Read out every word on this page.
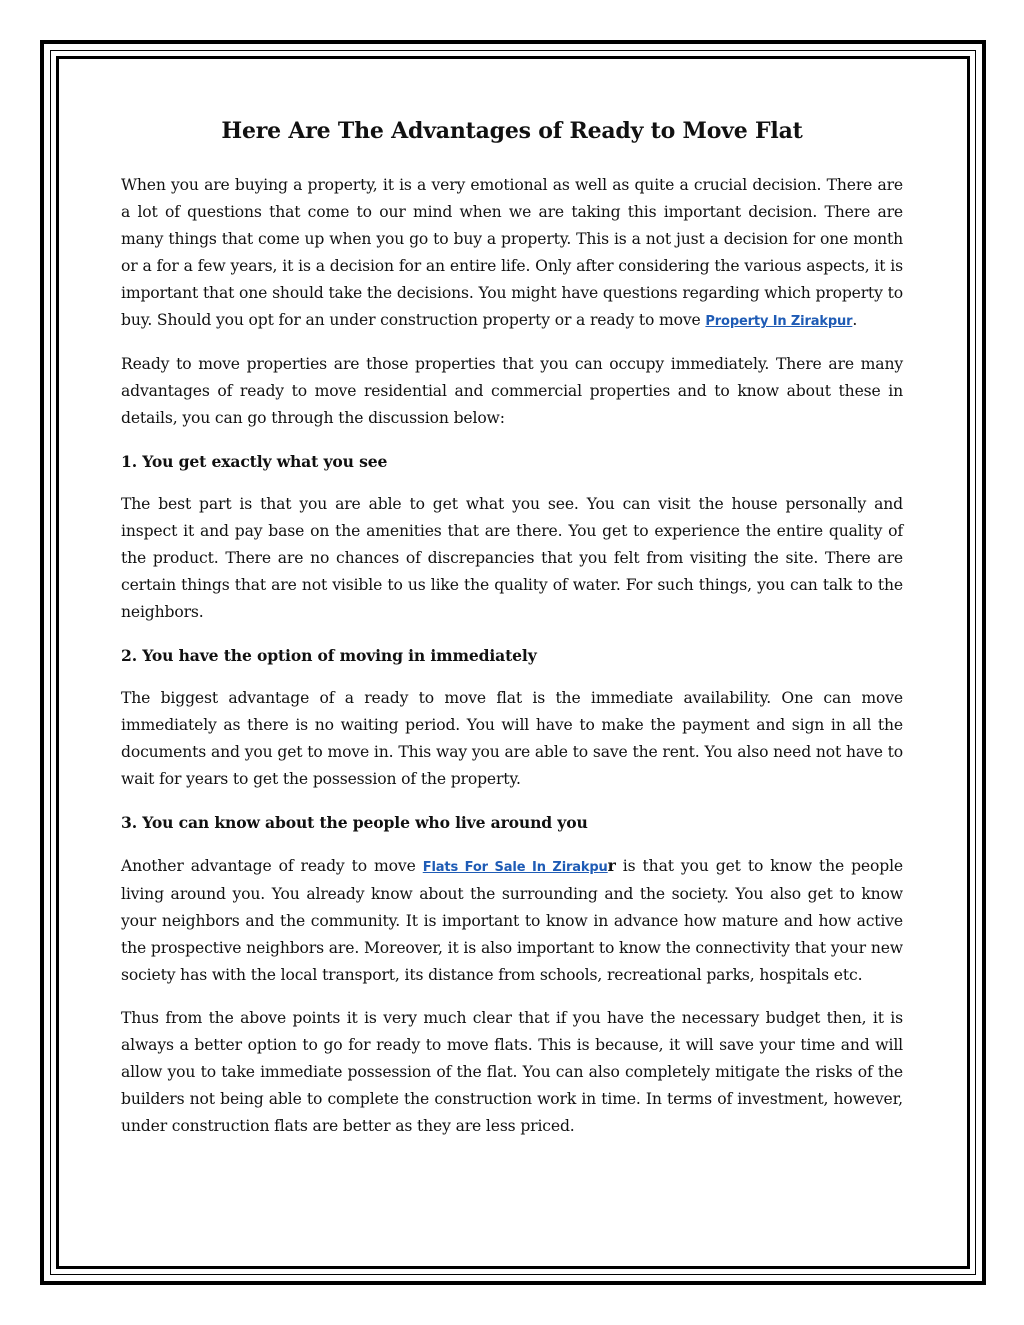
Here Are The Advantages of Ready to Move Flat

When you are buying a property, it is a very emotional as well as quite a crucial decision. There are a lot of questions that come to our mind when we are taking this important decision. There are many things that come up when you go to buy a property. This is a not just a decision for one month or a for a few years, it is a decision for an entire life. Only after considering the various aspects, it is important that one should take the decisions. You might have questions regarding which property to buy. Should you opt for an under construction property or a ready to move Property In Zirakpur.

Ready to move properties are those properties that you can occupy immediately. There are many advantages of ready to move residential and commercial properties and to know about these in details, you can go through the discussion below:

1. You get exactly what you see

The best part is that you are able to get what you see. You can visit the house personally and inspect it and pay base on the amenities that are there. You get to experience the entire quality of the product. There are no chances of discrepancies that you felt from visiting the site. There are certain things that are not visible to us like the quality of water. For such things, you can talk to the neighbors.

2. You have the option of moving in immediately

The biggest advantage of a ready to move flat is the immediate availability. One can move immediately as there is no waiting period. You will have to make the payment and sign in all the documents and you get to move in. This way you are able to save the rent. You also need not have to wait for years to get the possession of the property.

3. You can know about the people who live around you

Another advantage of ready to move Flats For Sale In Zirakpur is that you get to know the people living around you. You already know about the surrounding and the society. You also get to know your neighbors and the community. It is important to know in advance how mature and how active the prospective neighbors are. Moreover, it is also important to know the connectivity that your new society has with the local transport, its distance from schools, recreational parks, hospitals etc.

Thus from the above points it is very much clear that if you have the necessary budget then, it is always a better option to go for ready to move flats. This is because, it will save your time and will allow you to take immediate possession of the flat. You can also completely mitigate the risks of the builders not being able to complete the construction work in time. In terms of investment, however, under construction flats are better as they are less priced.
